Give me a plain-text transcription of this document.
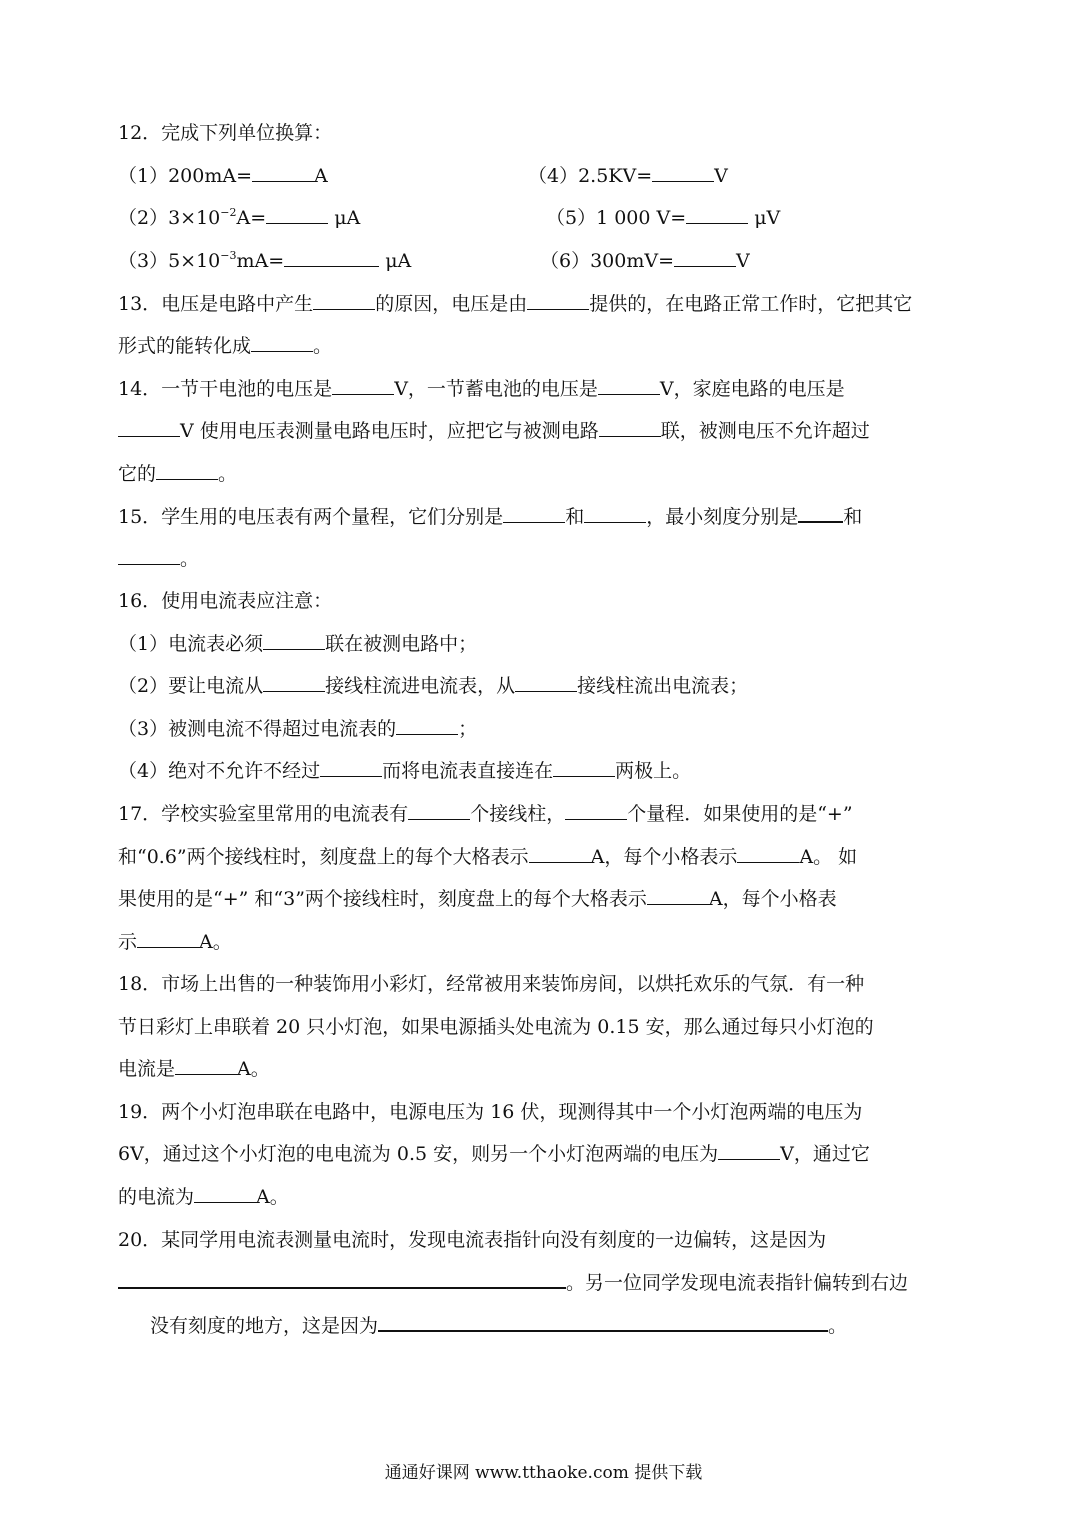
12．完成下列单位换算：
（1）200mA=	A	（4）2.5KV=	V
$(2)3\times 10^{-2}A=$	μA	（5）1 000 V=	μV
$(3)5\times 10^{-3}mA=$	μA	（6）300mV=	V
13．电压是电路中产生	的原因，电压是由	提供的，在电路正常工作时，它把其它
形式的能转化成	。
14．一节干电池的电压是	V，一节蓄电池的电压是	V，家庭电路的电压是
V 使用电压表测量电路电压时，应把它与被测电路	联，被测电压不允许超过
它的	。
15．学生用的电压表有两个量程，它们分别是	和	，最小刻度分别是 和
。
16．使用电流表应注意：
（1）电流表必须	联在被测电路中；
（2）要让电流从	接线柱流进电流表，从	接线柱流出电流表；
（3）被测电流不得超过电流表的	；
（4）绝对不允许不经过	而将电流表直接连在	两极上。
17．学校实验室里常用的电流表有	个接线柱，	个量程．如果使用的是“+”
和“0.6”两个接线柱时，刻度盘上的每个大格表示	A，每个小格表示	A。 如
果使用的是“+” 和“3”两个接线柱时，刻度盘上的每个大格表示	A，每个小格表
示	A。
18．市场上出售的一种装饰用小彩灯，经常被用来装饰房间，以烘托欢乐的气氛．有一种
节日彩灯上串联着 20 只小灯泡，如果电源插头处电流为 0.15 安，那么通过每只小灯泡的
电流是	A。
19．两个小灯泡串联在电路中，电源电压为 16 伏，现测得其中一个小灯泡两端的电压为
6V，通过这个小灯泡的电电流为 0.5 安，则另一个小灯泡两端的电压为	V，通过它
的电流为	A。
20．某同学用电流表测量电流时，发现电流表指针向没有刻度的一边偏转，这是因为
。另一位同学发现电流表指针偏转到右边
没有刻度的地方，这是因为	。
通通好课网 www.tthaoke.com 提供下载
